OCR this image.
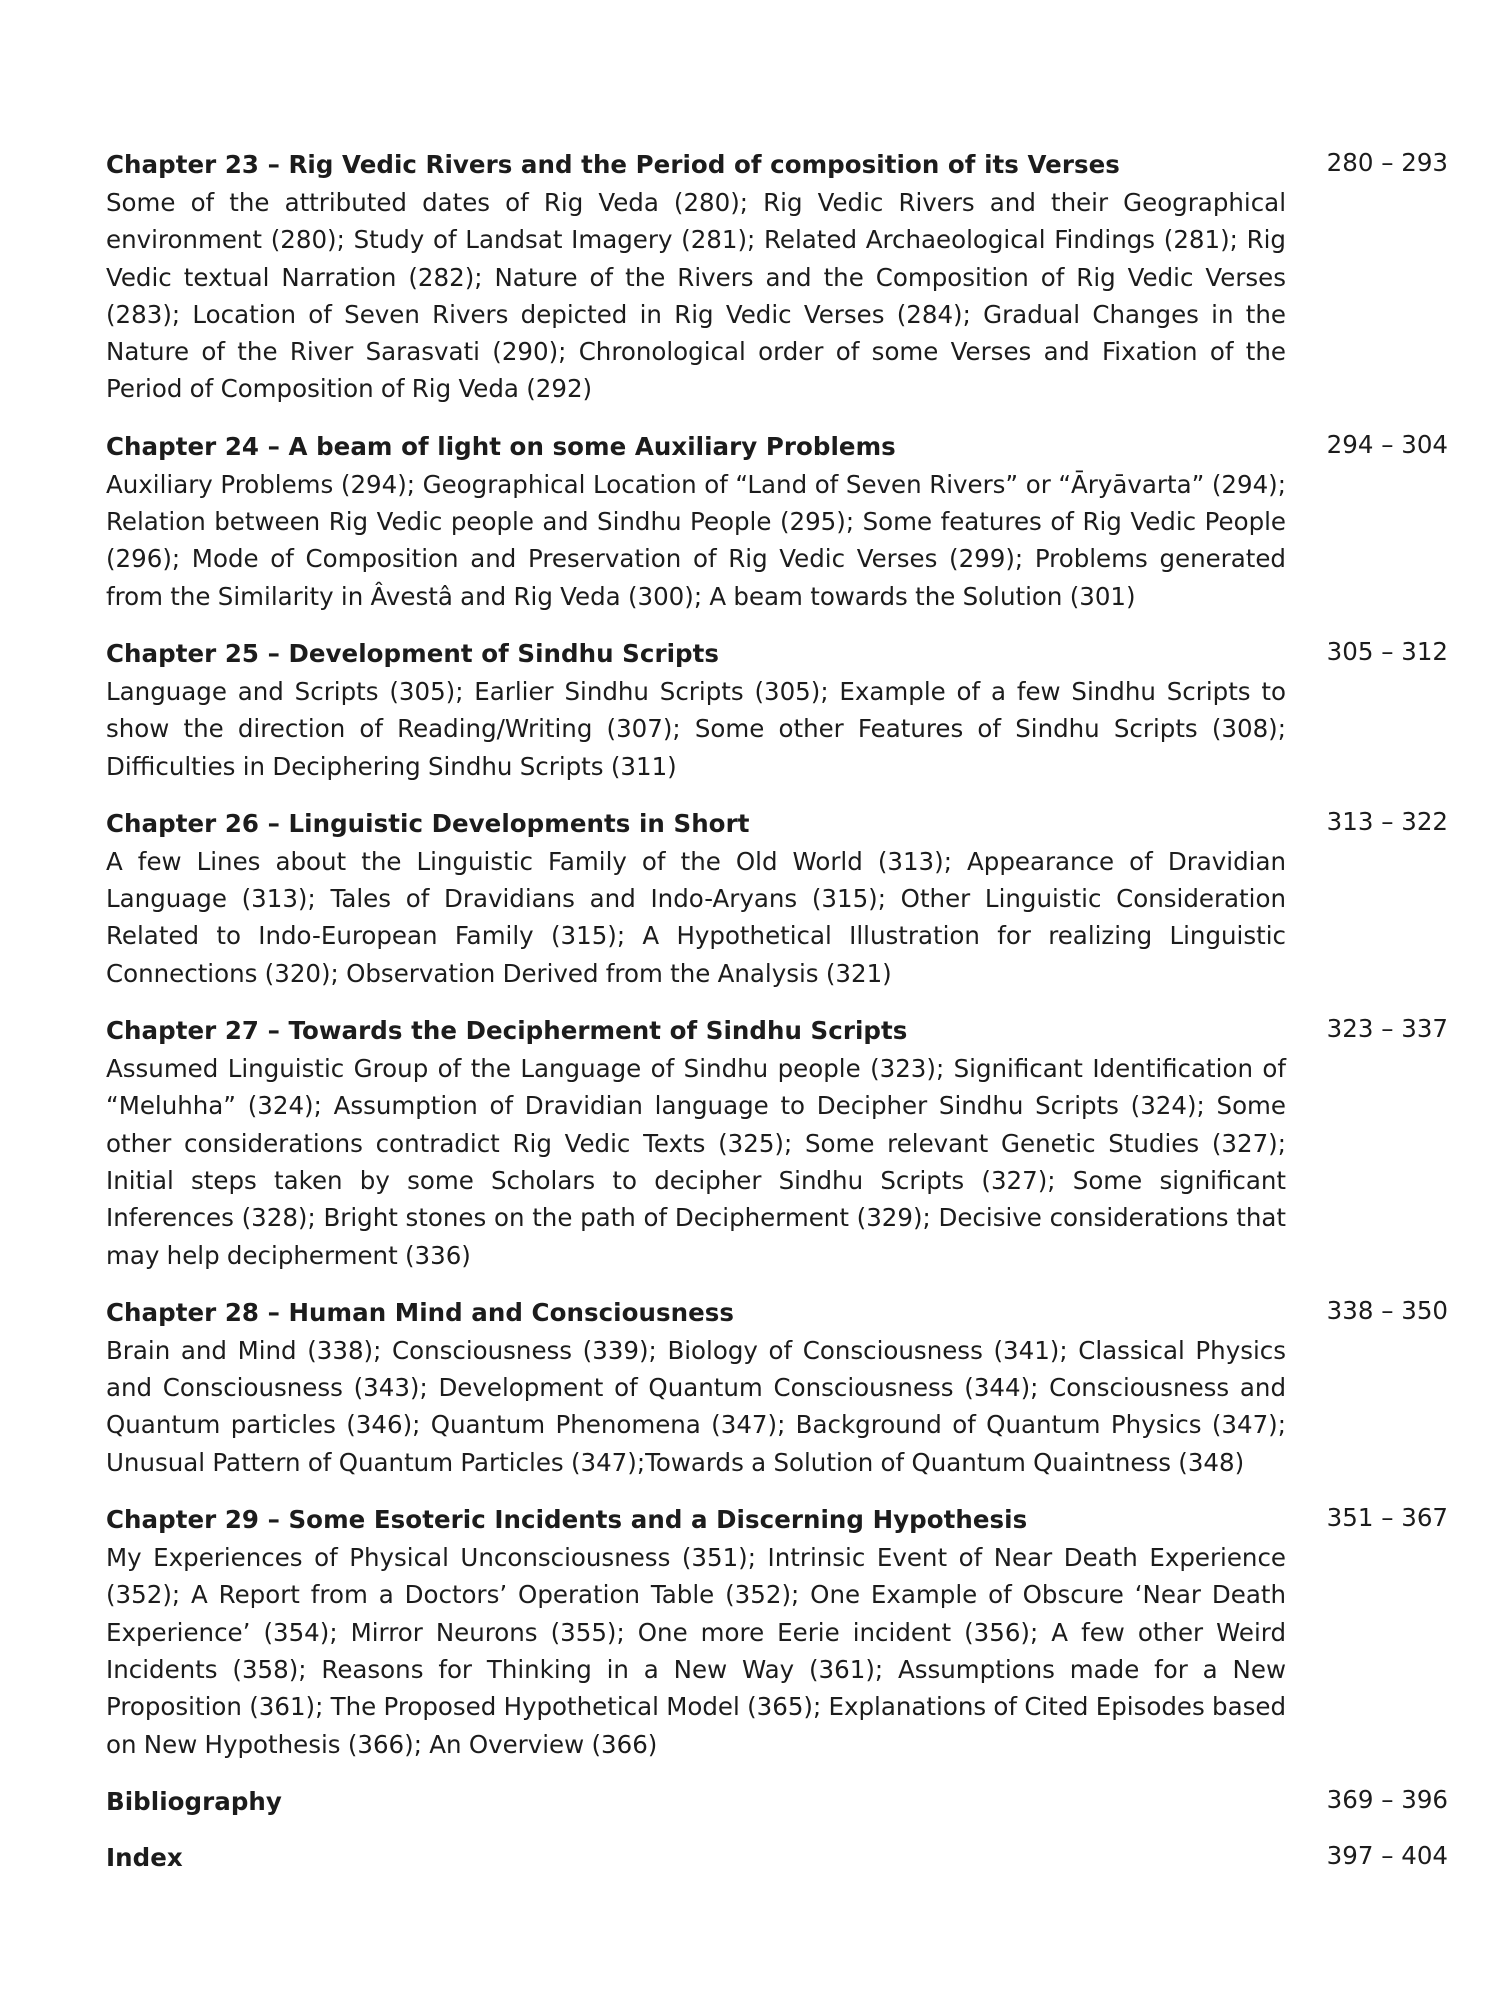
Chapter 23 – Rig Vedic Rivers and the Period of composition of its Verses	280 – 293
Some of the attributed dates of Rig Veda (280); Rig Vedic Rivers and their Geographical environment (280); Study of Landsat Imagery (281); Related Archaeological Findings (281); Rig Vedic textual Narration (282); Nature of the Rivers and the Composition of Rig Vedic Verses (283); Location of Seven Rivers depicted in Rig Vedic Verses (284); Gradual Changes in the Nature of the River Sarasvati (290); Chronological order of some Verses and Fixation of the Period of Composition of Rig Veda (292)
Chapter 24 – A beam of light on some Auxiliary Problems	294 – 304
Auxiliary Problems (294); Geographical Location of “Land of Seven Rivers” or “Āryāvarta” (294); Relation between Rig Vedic people and Sindhu People (295); Some features of Rig Vedic People (296); Mode of Composition and Preservation of Rig Vedic Verses (299); Problems generated from the Similarity in Âvestâ and Rig Veda (300); A beam towards the Solution (301)
Chapter 25 – Development of Sindhu Scripts	305 – 312
Language and Scripts (305); Earlier Sindhu Scripts (305); Example of a few Sindhu Scripts to show the direction of Reading/Writing (307); Some other Features of Sindhu Scripts (308); Difficulties in Deciphering Sindhu Scripts (311)
Chapter 26 – Linguistic Developments in Short	313 – 322
A few Lines about the Linguistic Family of the Old World (313); Appearance of Dravidian Language (313); Tales of Dravidians and Indo-Aryans (315); Other Linguistic Consideration Related to Indo-European Family (315); A Hypothetical Illustration for realizing Linguistic Connections (320); Observation Derived from the Analysis (321)
Chapter 27 – Towards the Decipherment of Sindhu Scripts	323 – 337
Assumed Linguistic Group of the Language of Sindhu people (323); Significant Identification of “Meluhha” (324); Assumption of Dravidian language to Decipher Sindhu Scripts (324); Some other considerations contradict Rig Vedic Texts (325); Some relevant Genetic Studies (327); Initial steps taken by some Scholars to decipher Sindhu Scripts (327); Some significant Inferences (328); Bright stones on the path of Decipherment (329); Decisive considerations that may help decipherment (336)
Chapter 28 – Human Mind and Consciousness	338 – 350
Brain and Mind (338); Consciousness (339); Biology of Consciousness (341); Classical Physics and Consciousness (343); Development of Quantum Consciousness (344); Consciousness and Quantum particles (346); Quantum Phenomena (347); Background of Quantum Physics (347); Unusual Pattern of Quantum Particles (347);Towards a Solution of Quantum Quaintness (348)
Chapter 29 – Some Esoteric Incidents and a Discerning Hypothesis	351 – 367
My Experiences of Physical Unconsciousness (351); Intrinsic Event of Near Death Experience (352); A Report from a Doctors’ Operation Table (352); One Example of Obscure ‘Near Death Experience’ (354); Mirror Neurons (355); One more Eerie incident (356); A few other Weird Incidents (358); Reasons for Thinking in a New Way (361); Assumptions made for a New Proposition (361); The Proposed Hypothetical Model (365); Explanations of Cited Episodes based on New Hypothesis (366); An Overview (366)
Bibliography	369 – 396
Index	397 – 404
